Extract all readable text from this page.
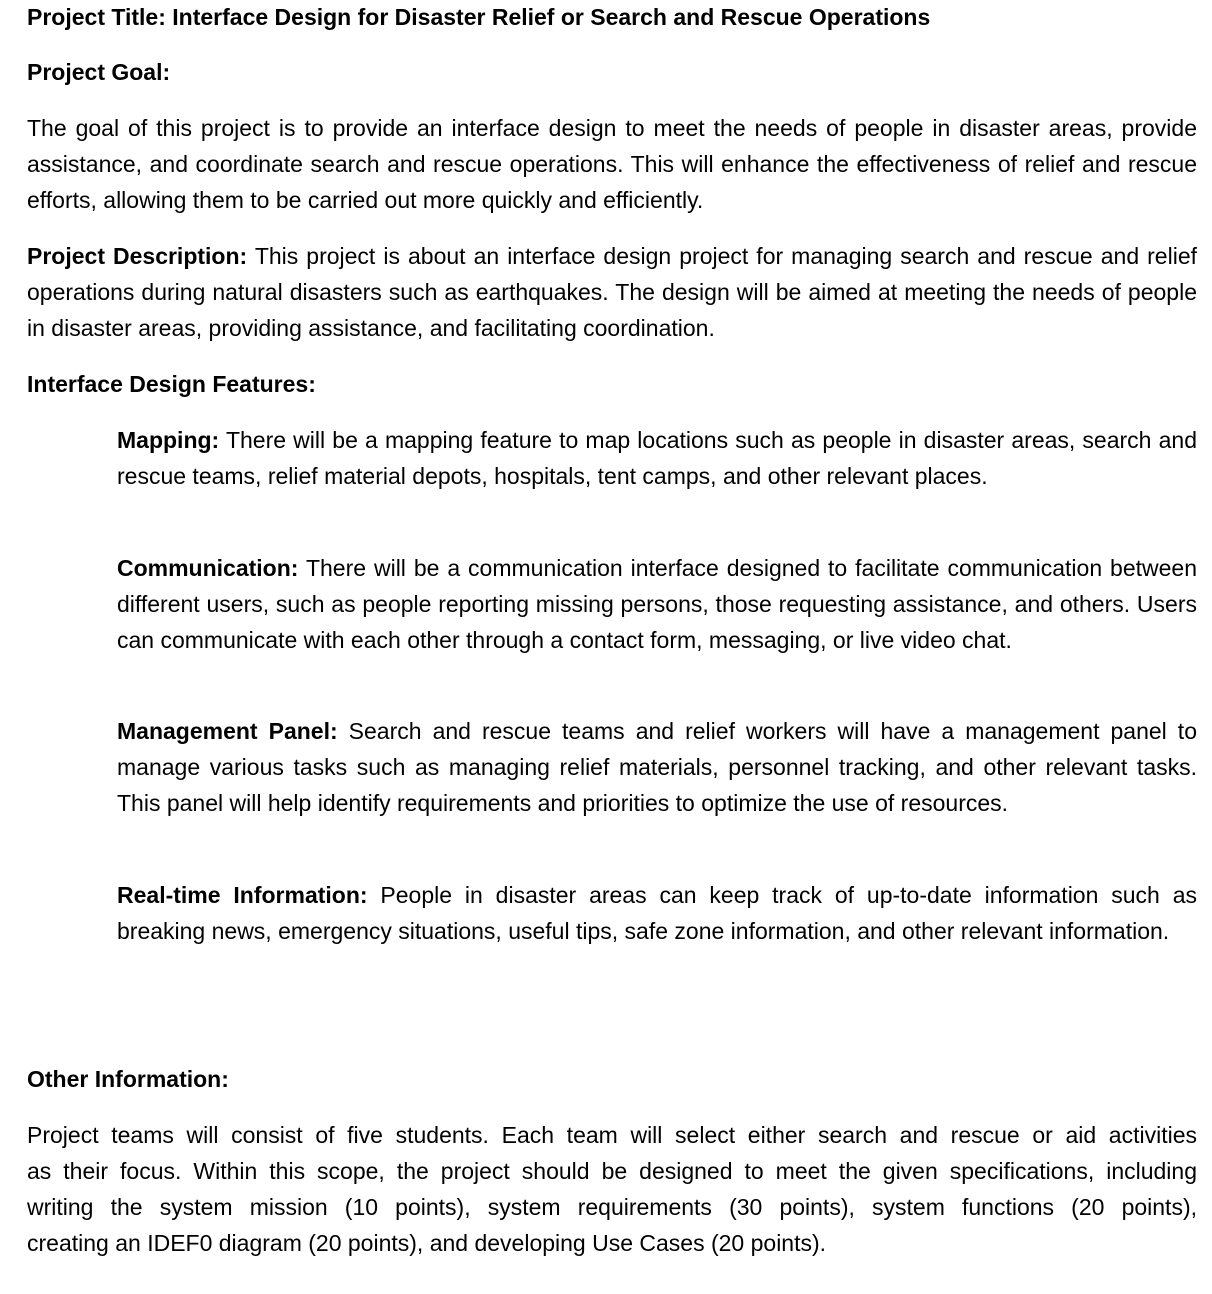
Project Title: Interface Design for Disaster Relief or Search and Rescue Operations
Project Goal:
The goal of this project is to provide an interface design to meet the needs of people in disaster areas, provide assistance, and coordinate search and rescue operations. This will enhance the effectiveness of relief and rescue efforts, allowing them to be carried out more quickly and efficiently.
Project Description: This project is about an interface design project for managing search and rescue and relief operations during natural disasters such as earthquakes. The design will be aimed at meeting the needs of people in disaster areas, providing assistance, and facilitating coordination.
Interface Design Features:
Mapping: There will be a mapping feature to map locations such as people in disaster areas, search and rescue teams, relief material depots, hospitals, tent camps, and other relevant places.
Communication: There will be a communication interface designed to facilitate communication between different users, such as people reporting missing persons, those requesting assistance, and others. Users can communicate with each other through a contact form, messaging, or live video chat.
Management Panel: Search and rescue teams and relief workers will have a management panel to manage various tasks such as managing relief materials, personnel tracking, and other relevant tasks. This panel will help identify requirements and priorities to optimize the use of resources.
Real-time Information: People in disaster areas can keep track of up-to-date information such as breaking news, emergency situations, useful tips, safe zone information, and other relevant information.
Other Information:
Project teams will consist of five students. Each team will select either search and rescue or aid activities
as their focus. Within this scope, the project should be designed to meet the given specifications, including
writing the system mission (10 points), system requirements (30 points), system functions (20 points),
creating an IDEF0 diagram (20 points), and developing Use Cases (20 points).
